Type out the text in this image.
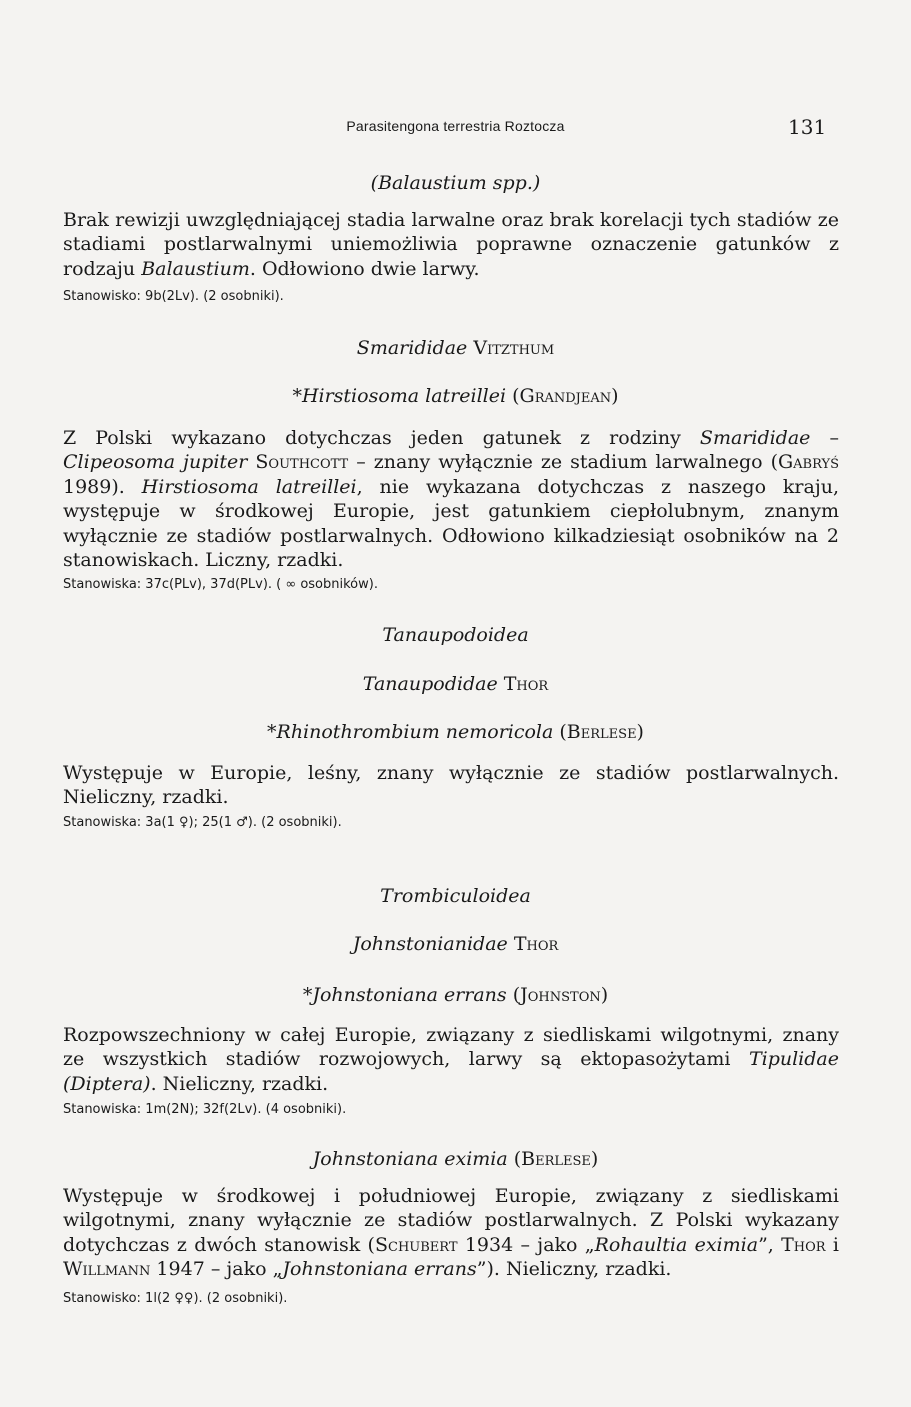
Parasitengona terrestria Roztocza	131
(Balaustium spp.)
Brak rewizji uwzględniającej stadia larwalne oraz brak korelacji tych stadiów ze stadiami postlarwalnymi uniemożliwia poprawne oznaczenie gatunków z rodzaju Balaustium. Odłowiono dwie larwy.
Stanowisko: 9b(2Lv). (2 osobniki).
Smarididae Vitzthum
*Hirstiosoma latreillei (Grandjean)
Z Polski wykazano dotychczas jeden gatunek z rodziny Smarididae – Clipeosoma jupiter Southcott – znany wyłącznie ze stadium larwalnego (Gabryś 1989). Hirstiosoma latreillei, nie wykazana dotychczas z naszego kraju, występuje w środkowej Europie, jest gatunkiem ciepłolubnym, znanym wyłącznie ze stadiów postlarwalnych. Odłowiono kilkadziesiąt osobników na 2 stanowiskach. Liczny, rzadki.
Stanowiska: 37c(PLv), 37d(PLv). ( ∞ osobników).
Tanaupodoidea
Tanaupodidae Thor
*Rhinothrombium nemoricola (Berlese)
Występuje w Europie, leśny, znany wyłącznie ze stadiów postlarwalnych. Nieliczny, rzadki.
Stanowiska: 3a(1 ♀); 25(1 ♂). (2 osobniki).
Trombiculoidea
Johnstonianidae Thor
*Johnstoniana errans (Johnston)
Rozpowszechniony w całej Europie, związany z siedliskami wilgotnymi, znany ze wszystkich stadiów rozwojowych, larwy są ektopasożytami Tipulidae (Diptera). Nieliczny, rzadki.
Stanowiska: 1m(2N); 32f(2Lv). (4 osobniki).
Johnstoniana eximia (Berlese)
Występuje w środkowej i południowej Europie, związany z siedliskami wilgotnymi, znany wyłącznie ze stadiów postlarwalnych. Z Polski wykazany dotychczas z dwóch stanowisk (Schubert 1934 – jako „Rohaultia eximia”, Thor i Willmann 1947 – jako „Johnstoniana errans”). Nieliczny, rzadki.
Stanowisko: 1l(2 ♀♀). (2 osobniki).
